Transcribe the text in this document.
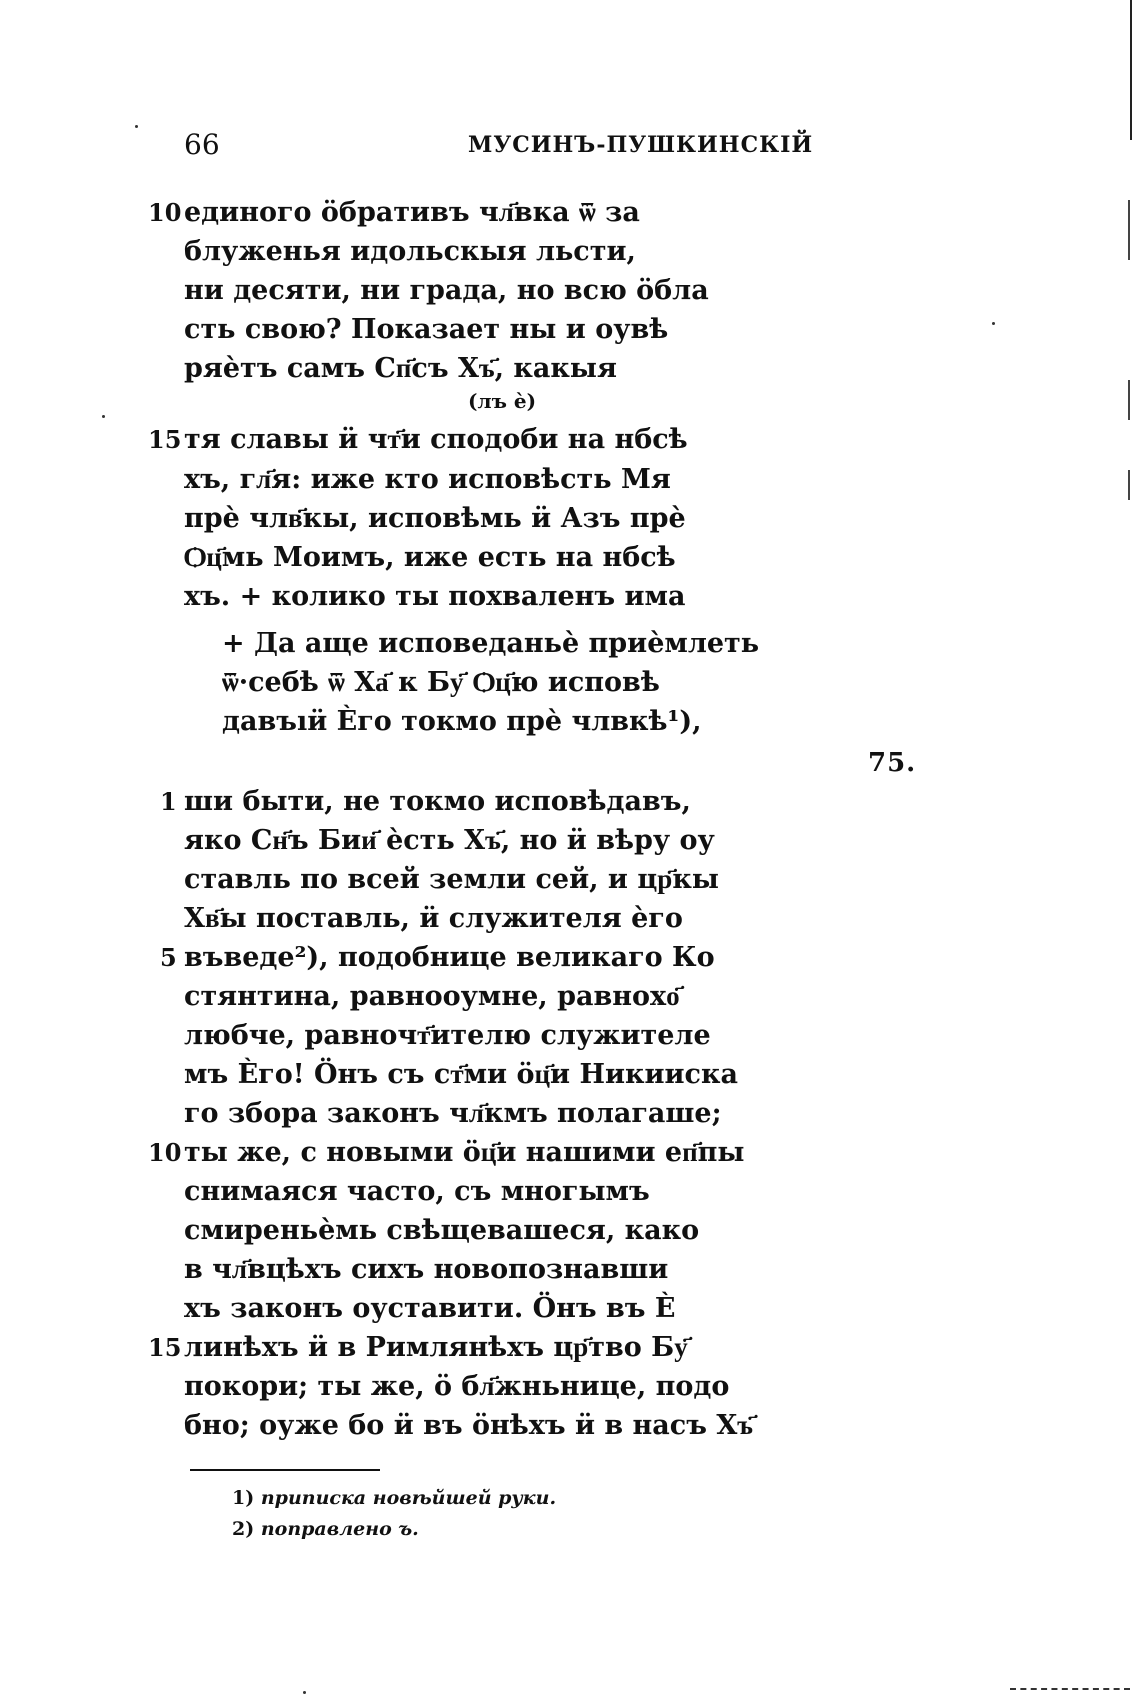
66	МУСИНЪ-ПУШКИНСКІЙ
75.
10 единого ӧбративъ чл҃вка ѿ за
блуженья идольскыя льсти,
ни десяти, ни града, но всю ӧбла
сть свою? Показает ны и оувѣ
ряѐтъ самъ Сп҃съ Хъ҃, какыя
(лъ ѐ)
15 тя славы ӥ чт҃и сподоби на нбсѣ
хъ, гл҃я: иже кто исповѣсть Мя
прѐ члв҃кы, исповѣмь ӥ Азъ прѐ
Ѻц҃мь Моимъ, иже есть на нбсѣ
хъ. + колико ты похваленъ има
+ Да аще исповеданьѐ приѐмлеть
ѿ·себѣ ѿ Ха҃ к Бу҃ Ѻц҃ю исповѣ
давъıӥ Ѐго токмо прѐ члвкѣ¹),
1 ши быти, не токмо исповѣдавъ,
яко Сн҃ъ Бии҃ ѐсть Хъ҃, но ӥ вѣру оу
ставль по всей земли сей, и цр҃кы
Хв҃ы поставль, ӥ служителя ѐго
5 въведе²), подобнице великаго Ко
стянтина, равнооумне, равнохо҃
любче, равночт҃ителю служителе
мъ Ѐго! Ӧнъ съ ст҃ми ӧц҃и Никииска
го збора законъ чл҃кмъ полагаше;
10 ты же, с новыми ӧц҃и нашими еп҃пы
снимаяся часто, съ многымъ
смиреньѐмь свѣщевашеся, како
в чл҃вцѣхъ сихъ новопознавши
хъ законъ оуставити. Ӧнъ въ Ѐ
15 линѣхъ ӥ в Римлянѣхъ цр҃тво Бу҃
покори; ты же, ӧ бл҃жньнице, подо
бно; оуже бо ӥ въ ӧнѣхъ ӥ в насъ Хъ҃
1) приписка новѣйшей руки.
2) поправлено ъ.
